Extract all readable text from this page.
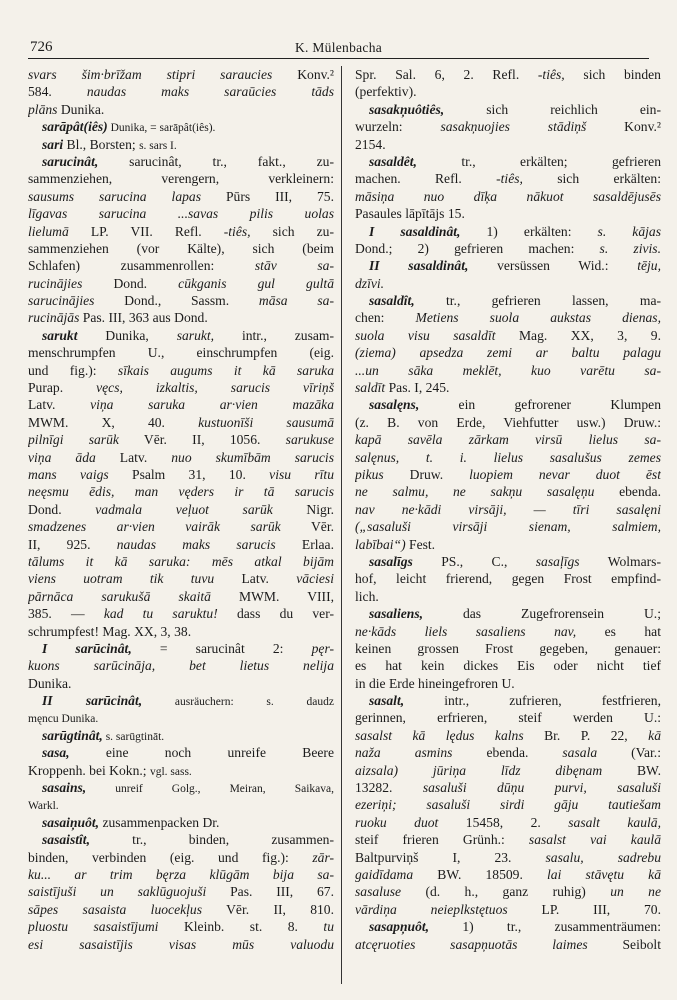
726	K. Mülenbacha
svars šim·brīžam stipri saraucies Konv.²
584. naudas maks saraūcies tāds
plāns Dunika.
sarāpât(iês) Dunika, = sarāpât(iês).
sari Bl., Borsten; s. sars I.
sarucinât, sarucinât, tr., fakt., zu-
sammenziehen, verengern, verkleinern:
sausums sarucina lapas Pūrs III, 75.
līgavas sarucina ...savas pilis uolas
lielumā LP. VII. Refl. -tiês, sich zu-
sammenziehen (vor Kälte), sich (beim
Schlafen) zusammenrollen: stāv sa-
rucinājies Dond. cūkganis gul gultā
sarucinājies Dond., Sassm. māsa sa-
rucinājās Pas. III, 363 aus Dond.
sarukt Dunika, sarukt, intr., zusam-
menschrumpfen U., einschrumpfen (eig.
und fig.): sīkais augums it kā saruka
Purap. vęcs, izkaltis, sarucis vīriņš
Latv. viņa saruka ar·vien mazāka
MWM. X, 40. kustuonīši sausumā
pilnīgi sarūk Vēr. II, 1056. sarukuse
viņa āda Latv. nuo skumībām sarucis
mans vaigs Psalm 31, 10. visu rītu
neęsmu ēdis, man vęders ir tā sarucis
Dond. vadmala veļuot sarūk Nigr.
smadzenes ar·vien vairāk sarūk Vēr.
II, 925. naudas maks sarucis Erlaa.
tālums it kā saruka: mēs atkal bijām
viens uotram tik tuvu Latv. vāciesi
pārnāca sarukušā skaitā MWM. VIII,
385. — kad tu saruktu! dass du ver-
schrumpfest! Mag. XX, 3, 38.
I sarūcinât, = sarucinât 2: pęr-
kuons sarūcināja, bet lietus nelija
Dunika.
II sarūcinât, ausräuchern: s. daudz
męncu Dunika.
sarūgtinât, s. sarūgtināt.
sasa, eine noch unreife Beere
Kroppenh. bei Kokn.; vgl. sass.
sasains, unreif Golg., Meiran, Saikava,
Warkl.
sasaiņuôt, zusammenpacken Dr.
sasaistît, tr., binden, zusammen-
binden, verbinden (eig. und fig.): zār-
ku... ar trim bęrza klūgām bija sa-
saistījuši un saklūguojuši Pas. III, 67.
sāpes sasaista luocekļus Vēr. II, 810.
pluostu sasaistījumi Kleinb. st. 8. tu
esi sasaistījis visas mūs valuodu
Spr. Sal. 6, 2. Refl. -tiês, sich binden
(perfektiv).
sasakņuôtiês, sich reichlich ein-
wurzeln: sasakņuojies stādiņš Konv.²
2154.
sasaldêt, tr., erkälten; gefrieren
machen. Refl. -tiês, sich erkälten:
māsiņa nuo dīķa nākuot sasaldējusēs
Pasaules lāpītājs 15.
I sasaldinât, 1) erkälten: s. kājas
Dond.; 2) gefrieren machen: s. zivis.
II sasaldinât, versüssen Wid.: tēju,
dzīvi.
sasaldît, tr., gefrieren lassen, ma-
chen: Metiens suola aukstas dienas,
suola visu sasaldīt Mag. XX, 3, 9.
(ziema) apsedza zemi ar baltu palagu
...un sāka meklēt, kuo varētu sa-
saldīt Pas. I, 245.
sasalęns, ein gefrorener Klumpen
(z. B. von Erde, Viehfutter usw.) Druw.:
kapā savēla zārkam virsū lielus sa-
salęnus, t. i. lielus sasalušus zemes
pikus Druw. luopiem nevar duot ēst
ne salmu, ne sakņu sasalęņu ebenda.
nav ne·kādi virsāji, — tīri sasalęni
(„sasaluši virsāji sienam, salmiem,
labībai“) Fest.
sasalīgs PS., C., sasaļīgs Wolmars-
hof, leicht frierend, gegen Frost empfind-
lich.
sasaliens, das Zugefrorensein U.;
ne·kāds liels sasaliens nav, es hat
keinen grossen Frost gegeben, genauer:
es hat kein dickes Eis oder nicht tief
in die Erde hineingefroren U.
sasalt, intr., zufrieren, festfrieren,
gerinnen, erfrieren, steif werden U.:
sasalst kā lędus kalns Br. P. 22, kā
naža asmins ebenda. sasala (Var.:
aizsala) jūriņa līdz dibęnam BW.
13282. sasaluši dūņu purvi, sasaluši
ezeriņi; sasaluši sirdi gāju tautiešam
ruoku duot 15458, 2. sasalt kaulā,
steif frieren Grünh.: sasalst vai kaulā
Baltpurviņš I, 23. sasalu, sadrebu
gaidīdama BW. 18509. lai stāvętu kā
sasaluse (d. h., ganz ruhig) un ne
vārdiņa neieplkstętuos LP. III, 70.
sasapņuôt, 1) tr., zusammenträumen:
atcęruoties sasapņuotās laimes Seibolt
